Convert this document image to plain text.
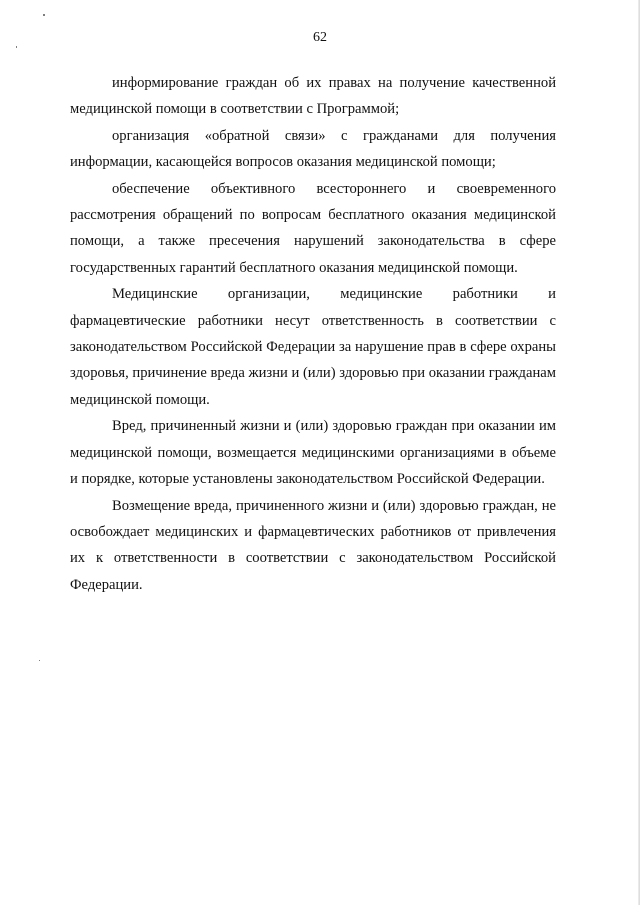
62

информирование граждан об их правах на получение качественной медицинской помощи в соответствии с Программой;

организация «обратной связи» с гражданами для получения информации, касающейся вопросов оказания медицинской помощи;

обеспечение объективного всестороннего и своевременного рассмотрения обращений по вопросам бесплатного оказания медицинской помощи, а также пресечения нарушений законодательства в сфере государственных гарантий бесплатного оказания медицинской помощи.

Медицинские организации, медицинские работники и фармацевтические работники несут ответственность в соответствии с законодательством Российской Федерации за нарушение прав в сфере охраны здоровья, причинение вреда жизни и (или) здоровью при оказании гражданам медицинской помощи.

Вред, причиненный жизни и (или) здоровью граждан при оказании им медицинской помощи, возмещается медицинскими организациями в объеме и порядке, которые установлены законодательством Российской Федерации.

Возмещение вреда, причиненного жизни и (или) здоровью граждан, не освобождает медицинских и фармацевтических работников от привлечения их к ответственности в соответствии с законодательством Российской Федерации.
